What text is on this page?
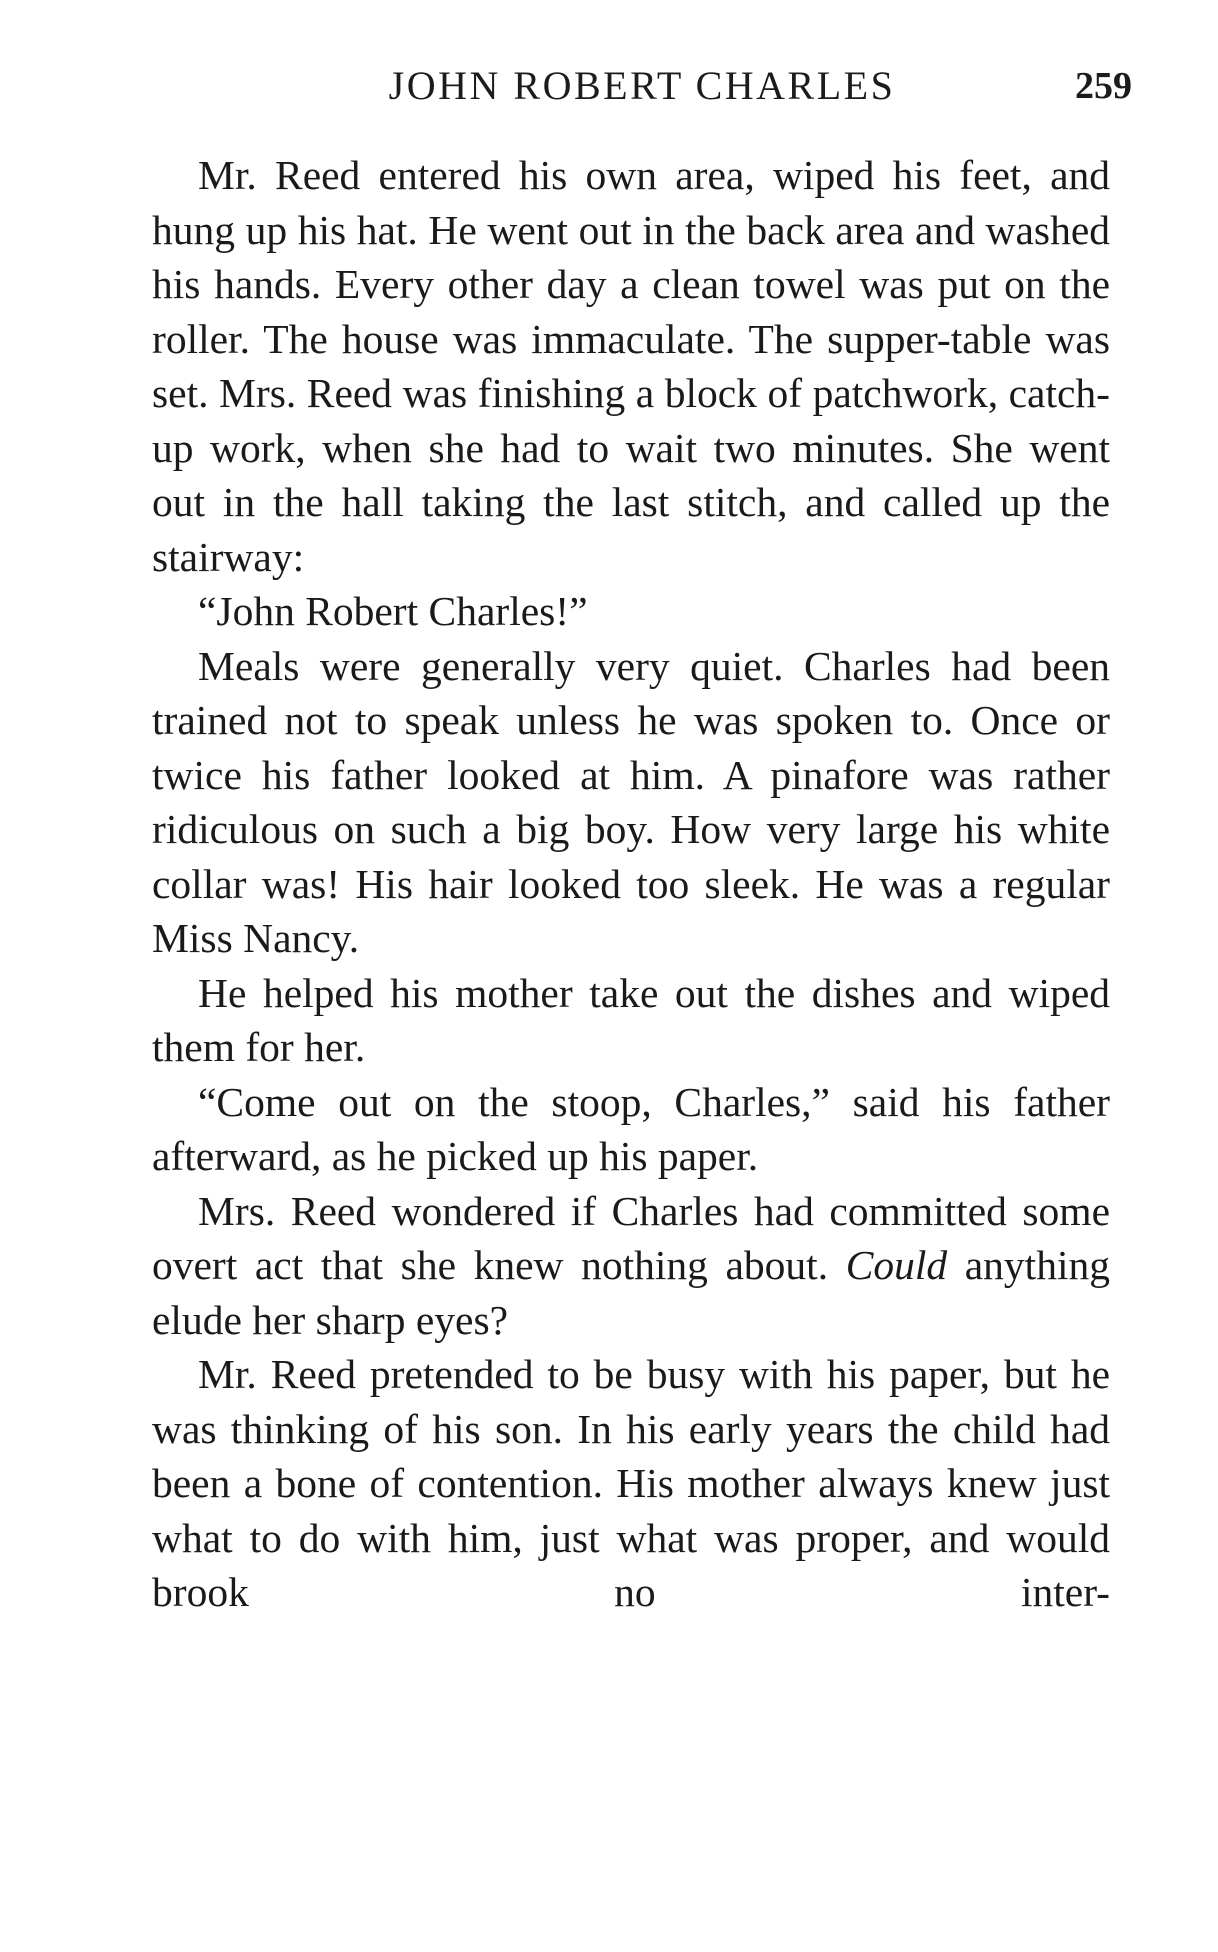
JOHN ROBERT CHARLES	259

Mr. Reed entered his own area, wiped his feet, and hung up his hat. He went out in the back area and washed his hands. Every other day a clean towel was put on the roller. The house was immaculate. The supper-table was set. Mrs. Reed was finishing a block of patchwork, catch-up work, when she had to wait two minutes. She went out in the hall taking the last stitch, and called up the stairway:

“John Robert Charles!”

Meals were generally very quiet. Charles had been trained not to speak unless he was spoken to. Once or twice his father looked at him. A pinafore was rather ridiculous on such a big boy. How very large his white collar was! His hair looked too sleek. He was a regular Miss Nancy.

He helped his mother take out the dishes and wiped them for her.

“Come out on the stoop, Charles,” said his father afterward, as he picked up his paper.

Mrs. Reed wondered if Charles had committed some overt act that she knew nothing about. Could anything elude her sharp eyes?

Mr. Reed pretended to be busy with his paper, but he was thinking of his son. In his early years the child had been a bone of contention. His mother always knew just what to do with him, just what was proper, and would brook no inter-
